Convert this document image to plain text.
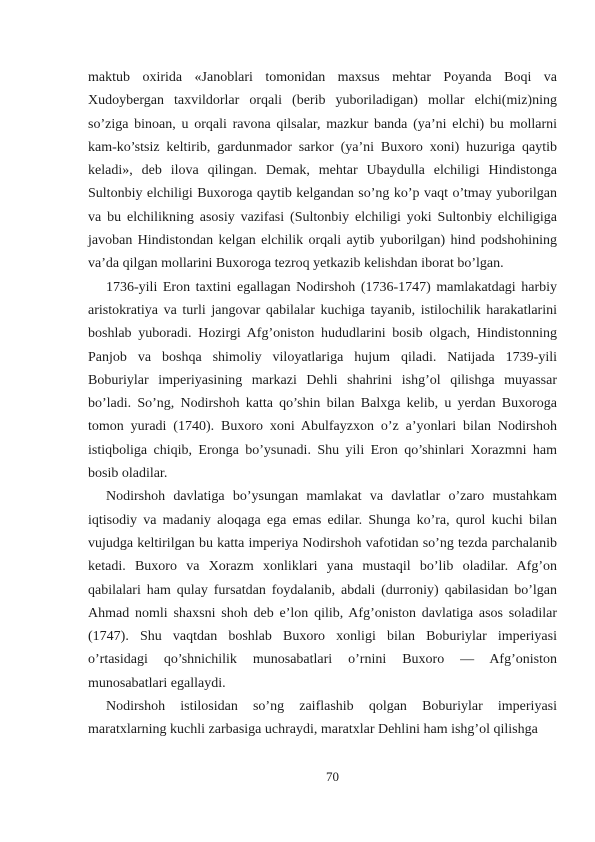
maktub oxirida «Janoblari tomonidan maxsus mehtar Poyanda Boqi va Xudoybergan taxvildorlar orqali (berib yuboriladigan) mollar elchi(miz)ning so’ziga binoan, u orqali ravona qilsalar, mazkur banda (ya’ni elchi) bu mollarni kam-ko’stsiz keltirib, gardunmador sarkor (ya’ni Buxoro xoni) huzuriga qaytib keladi», deb ilova qilingan. Demak, mehtar Ubaydulla elchiligi Hindistonga Sultonbiy elchiligi Buxoroga qaytib kelgandan so’ng ko’p vaqt o’tmay yuborilgan va bu elchilikning asosiy vazifasi (Sultonbiy elchiligi yoki Sultonbiy elchiligiga javoban Hindistondan kelgan elchilik orqali aytib yuborilgan) hind podshohining va’da qilgan mollarini Buxoroga tezroq yetkazib kelishdan iborat bo’lgan.

1736-yili Eron taxtini egallagan Nodirshoh (1736-1747) mamlakatdagi harbiy aristokratiya va turli jangovar qabilalar kuchiga tayanib, istilochilik harakatlarini boshlab yuboradi. Hozirgi Afg’oniston hududlarini bosib olgach, Hindistonning Panjob va boshqa shimoliy viloyatlariga hujum qiladi. Natijada 1739-yili Boburiylar imperiyasining markazi Dehli shahrini ishg’ol qilishga muyassar bo’ladi. So’ng, Nodirshoh katta qo’shin bilan Balxga kelib, u yerdan Buxoroga tomon yuradi (1740). Buxoro xoni Abulfayzxon o’z a’yonlari bilan Nodirshoh istiqboliga chiqib, Eronga bo’ysunadi. Shu yili Eron qo’shinlari Xorazmni ham bosib oladilar.

Nodirshoh davlatiga bo’ysungan mamlakat va davlatlar o’zaro mustahkam iqtisodiy va madaniy aloqaga ega emas edilar. Shunga ko’ra, qurol kuchi bilan vujudga keltirilgan bu katta imperiya Nodirshoh vafotidan so’ng tezda parchalanib ketadi. Buxoro va Xorazm xonliklari yana mustaqil bo’lib oladilar. Afg’on qabilalari ham qulay fursatdan foydalanib, abdali (durroniy) qabilasidan bo’lgan Ahmad nomli shaxsni shoh deb e’lon qilib, Afg’oniston davlatiga asos soladilar (1747). Shu vaqtdan boshlab Buxoro xonligi bilan Boburiylar imperiyasi o’rtasidagi qo’shnichilik munosabatlari o’rnini Buxoro — Afg’oniston munosabatlari egallaydi.

Nodirshoh istilosidan so’ng zaiflashib qolgan Boburiylar imperiyasi maratxlarning kuchli zarbasiga uchraydi, maratxlar Dehlini ham ishg’ol qilishga

70
